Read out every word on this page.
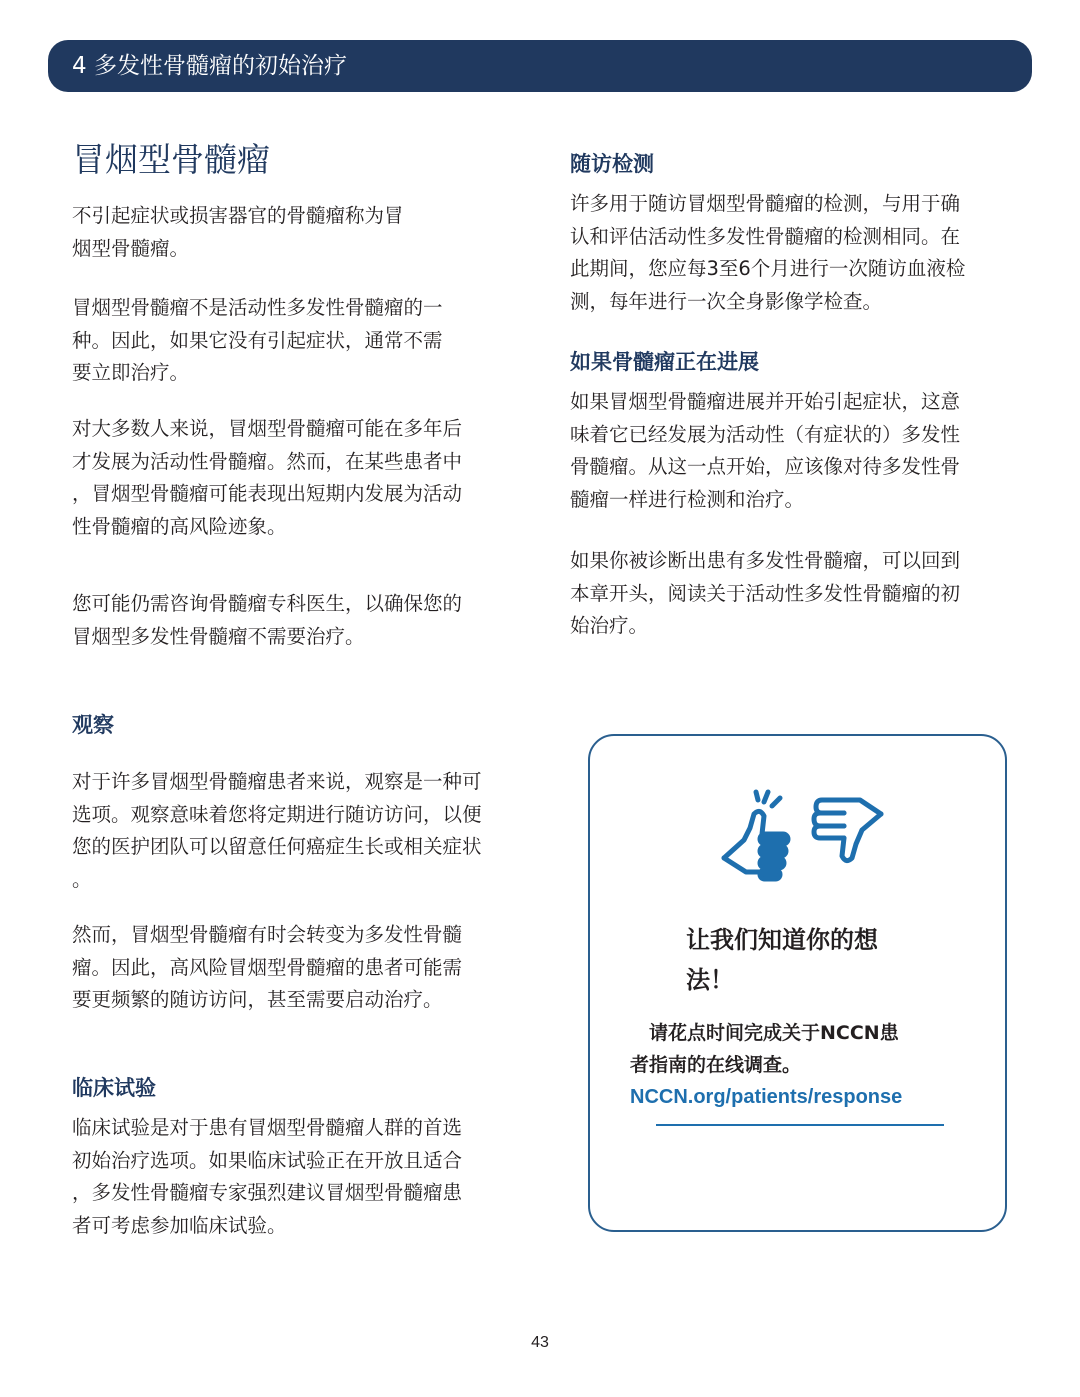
4 多发性骨髓瘤的初始治疗
冒烟型骨髓瘤
不引起症状或损害器官的骨髓瘤称为冒
烟型骨髓瘤。
冒烟型骨髓瘤不是活动性多发性骨髓瘤的一
种。因此，如果它没有引起症状，通常不需
要立即治疗。
对大多数人来说，冒烟型骨髓瘤可能在多年后
才发展为活动性骨髓瘤。然而，在某些患者中
，冒烟型骨髓瘤可能表现出短期内发展为活动
性骨髓瘤的高风险迹象。
您可能仍需咨询骨髓瘤专科医生，以确保您的
冒烟型多发性骨髓瘤不需要治疗。
观察
对于许多冒烟型骨髓瘤患者来说，观察是一种可
选项。观察意味着您将定期进行随访访问，以便
您的医护团队可以留意任何癌症生长或相关症状
。
然而，冒烟型骨髓瘤有时会转变为多发性骨髓
瘤。因此，高风险冒烟型骨髓瘤的患者可能需
要更频繁的随访访问，甚至需要启动治疗。
临床试验
临床试验是对于患有冒烟型骨髓瘤人群的首选
初始治疗选项。如果临床试验正在开放且适合
，多发性骨髓瘤专家强烈建议冒烟型骨髓瘤患
者可考虑参加临床试验。
随访检测
许多用于随访冒烟型骨髓瘤的检测，与用于确
认和评估活动性多发性骨髓瘤的检测相同。在
此期间，您应每3至6个月进行一次随访血液检
测，每年进行一次全身影像学检查。
如果骨髓瘤正在进展
如果冒烟型骨髓瘤进展并开始引起症状，这意
味着它已经发展为活动性（有症状的）多发性
骨髓瘤。从这一点开始，应该像对待多发性骨
髓瘤一样进行检测和治疗。
如果你被诊断出患有多发性骨髓瘤，可以回到
本章开头，阅读关于活动性多发性骨髓瘤的初
始治疗。
让我们知道你的想
法！
　请花点时间完成关于NCCN患
者指南的在线调查。
NCCN.org/patients/response
43
